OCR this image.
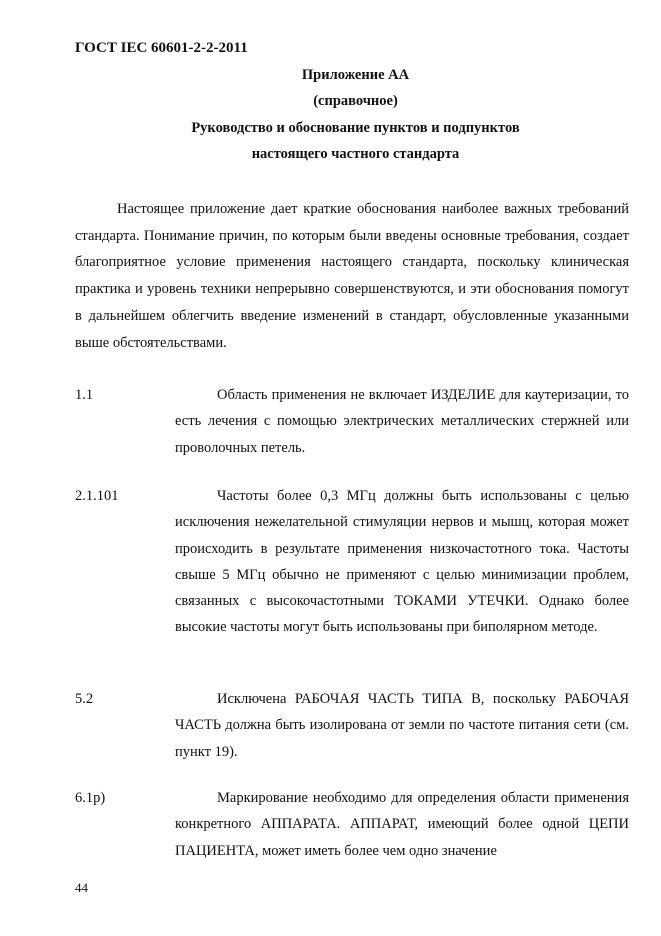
ГОСТ IEC 60601-2-2-2011

Приложение АА

(справочное)

Руководство и обоснование пунктов и подпунктов

настоящего частного стандарта

Настоящее приложение дает краткие обоснования наиболее важных требований стандарта. Понимание причин, по которым были введены основные требования, создает благоприятное условие применения настоящего стандарта, поскольку клиническая практика и уровень техники непрерывно совершенствуются, и эти обоснования помогут в дальнейшем облегчить введение изменений в стандарт, обусловленные указанными выше обстоятельствами.

1.1	Область применения не включает ИЗДЕЛИЕ для каутеризации, то есть лечения с помощью электрических металлических стержней или проволочных петель.

2.1.101	Частоты более 0,3 МГц должны быть использованы с целью исключения нежелательной стимуляции нервов и мышц, которая может происходить в результате применения низкочастотного тока. Частоты свыше 5 МГц обычно не применяют с целью минимизации проблем, связанных с высокочастотными ТОКАМИ УТЕЧКИ. Однако более высокие частоты могут быть использованы при биполярном методе.

5.2	Исключена РАБОЧАЯ ЧАСТЬ ТИПА В, поскольку РАБОЧАЯ ЧАСТЬ должна быть изолирована от земли по частоте питания сети (см. пункт 19).

6.1р)	Маркирование необходимо для определения области применения конкретного АППАРАТА. АППАРАТ, имеющий более одной ЦЕПИ ПАЦИЕНТА, может иметь более чем одно значение

44
